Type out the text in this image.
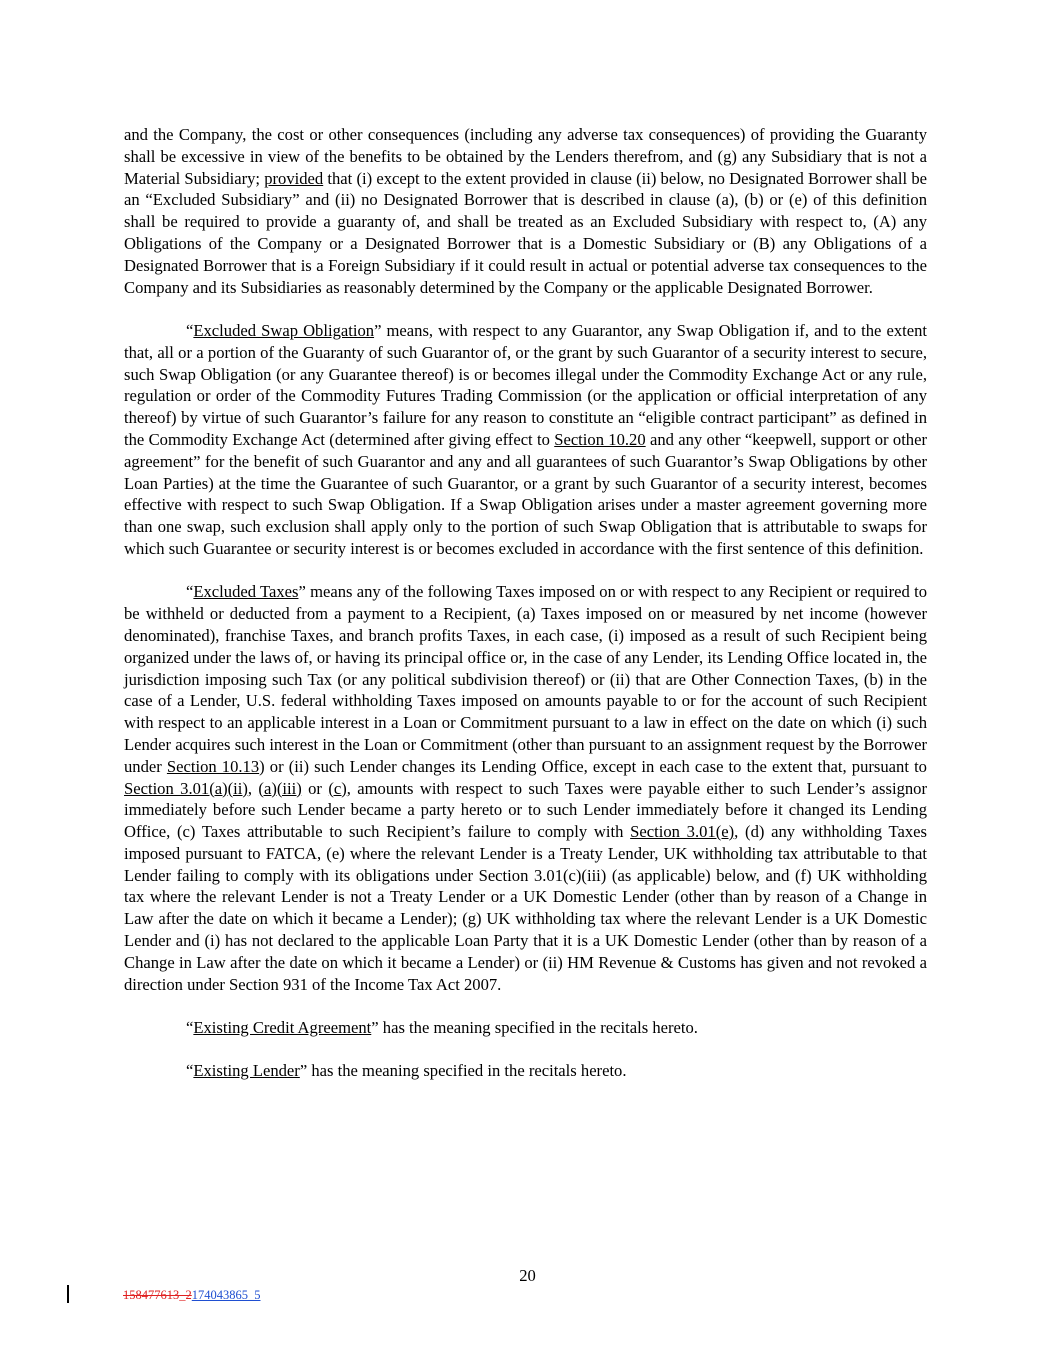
and the Company, the cost or other consequences (including any adverse tax consequences) of providing the Guaranty shall be excessive in view of the benefits to be obtained by the Lenders therefrom, and (g) any Subsidiary that is not a Material Subsidiary; provided that (i) except to the extent provided in clause (ii) below, no Designated Borrower shall be an “Excluded Subsidiary” and (ii) no Designated Borrower that is described in clause (a), (b) or (e) of this definition shall be required to provide a guaranty of, and shall be treated as an Excluded Subsidiary with respect to, (A) any Obligations of the Company or a Designated Borrower that is a Domestic Subsidiary or (B) any Obligations of a Designated Borrower that is a Foreign Subsidiary if it could result in actual or potential adverse tax consequences to the Company and its Subsidiaries as reasonably determined by the Company or the applicable Designated Borrower.

“Excluded Swap Obligation” means, with respect to any Guarantor, any Swap Obligation if, and to the extent that, all or a portion of the Guaranty of such Guarantor of, or the grant by such Guarantor of a security interest to secure, such Swap Obligation (or any Guarantee thereof) is or becomes illegal under the Commodity Exchange Act or any rule, regulation or order of the Commodity Futures Trading Commission (or the application or official interpretation of any thereof) by virtue of such Guarantor’s failure for any reason to constitute an “eligible contract participant” as defined in the Commodity Exchange Act (determined after giving effect to Section 10.20 and any other “keepwell, support or other agreement” for the benefit of such Guarantor and any and all guarantees of such Guarantor’s Swap Obligations by other Loan Parties) at the time the Guarantee of such Guarantor, or a grant by such Guarantor of a security interest, becomes effective with respect to such Swap Obligation. If a Swap Obligation arises under a master agreement governing more than one swap, such exclusion shall apply only to the portion of such Swap Obligation that is attributable to swaps for which such Guarantee or security interest is or becomes excluded in accordance with the first sentence of this definition.

“Excluded Taxes” means any of the following Taxes imposed on or with respect to any Recipient or required to be withheld or deducted from a payment to a Recipient, (a) Taxes imposed on or measured by net income (however denominated), franchise Taxes, and branch profits Taxes, in each case, (i) imposed as a result of such Recipient being organized under the laws of, or having its principal office or, in the case of any Lender, its Lending Office located in, the jurisdiction imposing such Tax (or any political subdivision thereof) or (ii) that are Other Connection Taxes, (b) in the case of a Lender, U.S. federal withholding Taxes imposed on amounts payable to or for the account of such Recipient with respect to an applicable interest in a Loan or Commitment pursuant to a law in effect on the date on which (i) such Lender acquires such interest in the Loan or Commitment (other than pursuant to an assignment request by the Borrower under Section 10.13) or (ii) such Lender changes its Lending Office, except in each case to the extent that, pursuant to Section 3.01(a)(ii), (a)(iii) or (c), amounts with respect to such Taxes were payable either to such Lender’s assignor immediately before such Lender became a party hereto or to such Lender immediately before it changed its Lending Office, (c) Taxes attributable to such Recipient’s failure to comply with Section 3.01(e), (d) any withholding Taxes imposed pursuant to FATCA, (e) where the relevant Lender is a Treaty Lender, UK withholding tax attributable to that Lender failing to comply with its obligations under Section 3.01(c)(iii) (as applicable) below, and (f) UK withholding tax where the relevant Lender is not a Treaty Lender or a UK Domestic Lender (other than by reason of a Change in Law after the date on which it became a Lender); (g) UK withholding tax where the relevant Lender is a UK Domestic Lender and (i) has not declared to the applicable Loan Party that it is a UK Domestic Lender (other than by reason of a Change in Law after the date on which it became a Lender) or (ii) HM Revenue & Customs has given and not revoked a direction under Section 931 of the Income Tax Act 2007.

“Existing Credit Agreement” has the meaning specified in the recitals hereto.

“Existing Lender” has the meaning specified in the recitals hereto.

20
158477613_2174043865_5
